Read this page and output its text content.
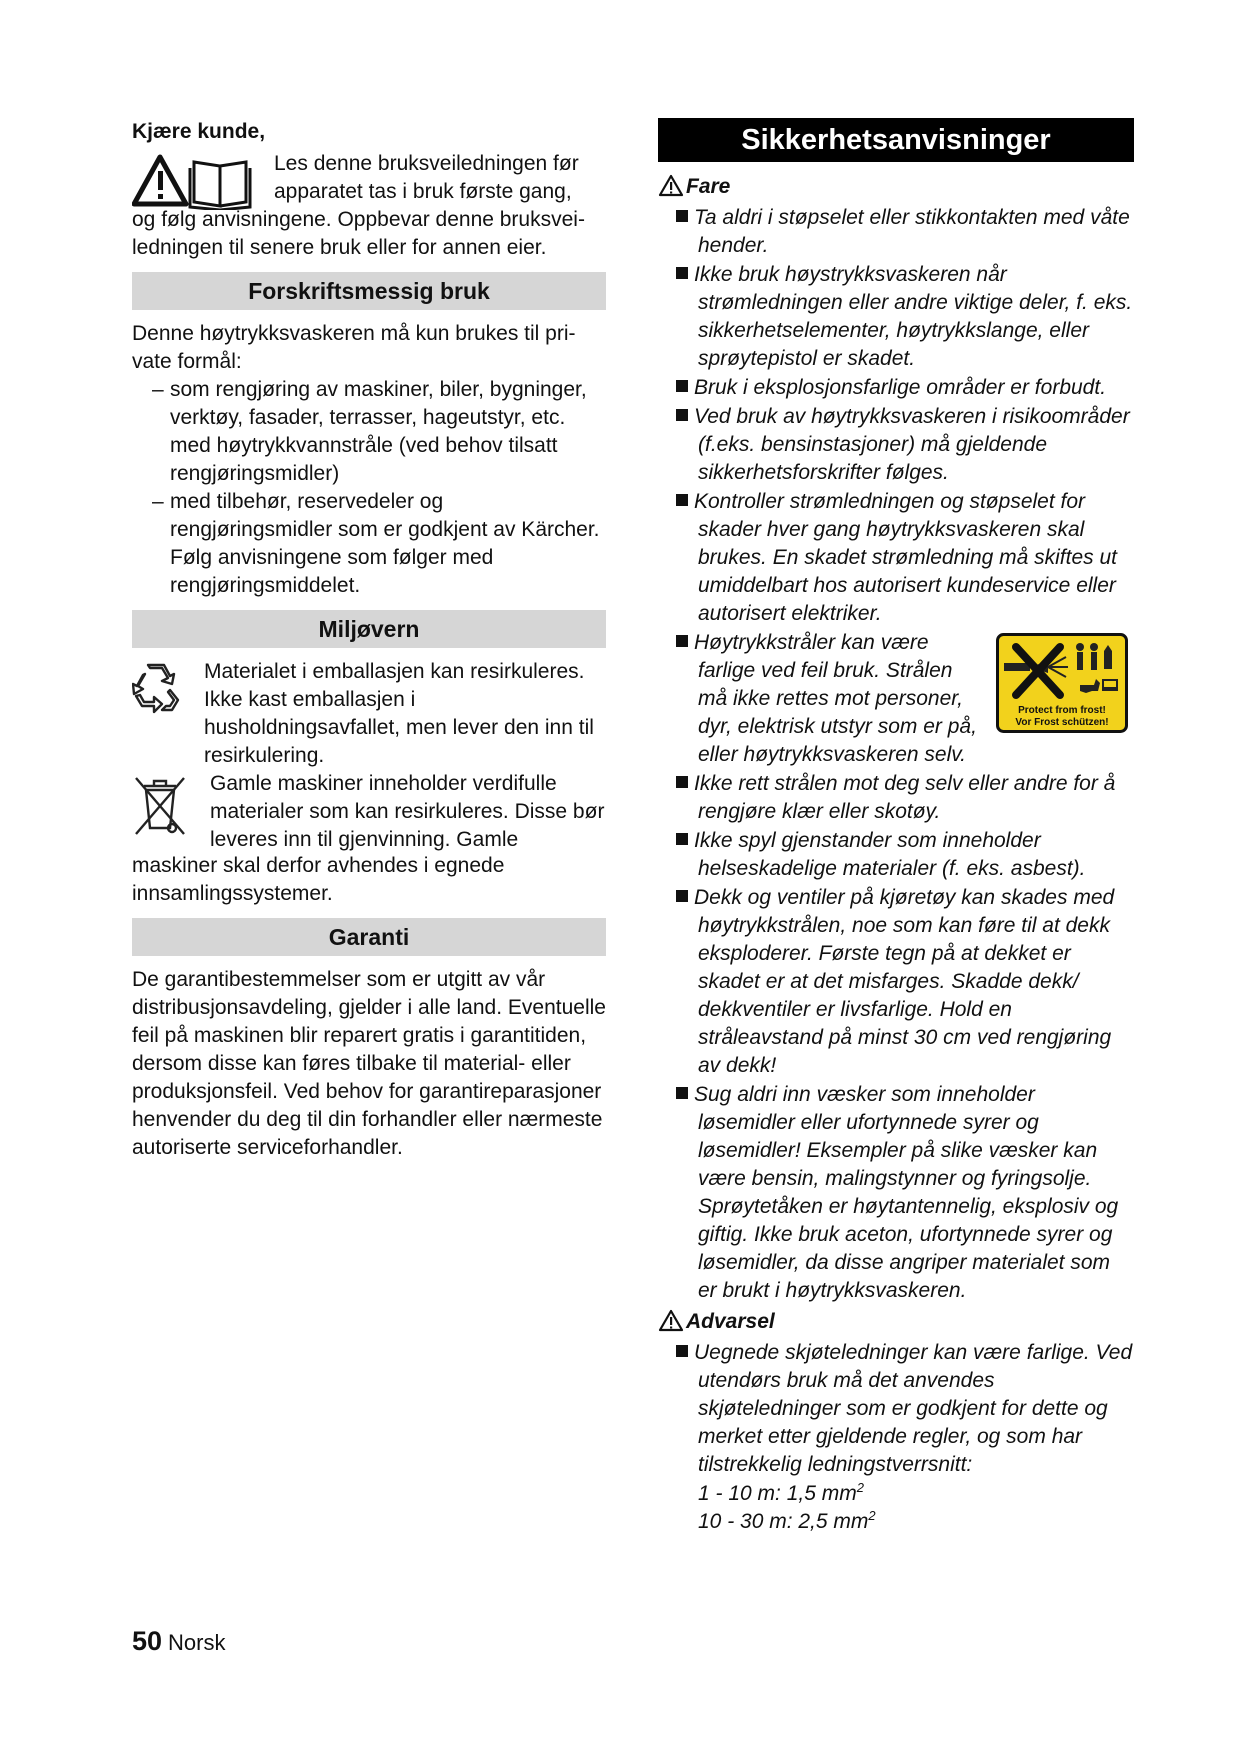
Kjære kunde,

Les denne bruksveiledningen før

apparatet tas i bruk første gang,

og følg anvisningene. Oppbevar denne bruksvei-

ledningen til senere bruk eller for annen eier.

Forskriftsmessig bruk

Denne høytrykksvaskeren må kun brukes til pri-vate formål:

– som rengjøring av maskiner, biler, bygninger, verktøy, fasader, terrasser, hageutstyr, etc. med høytrykkvannstråle (ved behov tilsatt rengjøringsmidler)

– med tilbehør, reservedeler og rengjøringsmidler som er godkjent av Kärcher. Følg anvisningene som følger med rengjøringsmiddelet.

Miljøvern

Materialet i emballasjen kan resirkuleres. Ikke kast emballasjen i husholdningsavfallet, men lever den inn til resirkulering.

Gamle maskiner inneholder verdifulle materialer som kan resirkuleres. Disse bør leveres inn til gjenvinning. Gamle

maskiner skal derfor avhendes i egnede innsamlingssystemer.

Garanti

De garantibestemmelser som er utgitt av vår distribusjonsavdeling, gjelder i alle land. Eventuelle feil på maskinen blir reparert gratis i garantitiden, dersom disse kan føres tilbake til material- eller produksjonsfeil. Ved behov for garantireparasjoner henvender du deg til din forhandler eller nærmeste autoriserte serviceforhandler.

Sikkerhetsanvisninger
Fare

Ta aldri i støpselet eller stikkontakten med våte hender.

Ikke bruk høystrykksvaskeren når strømledningen eller andre viktige deler, f. eks. sikkerhetselementer, høytrykkslange, eller sprøytepistol er skadet.

Bruk i eksplosjonsfarlige områder er forbudt.

Ved bruk av høytrykksvaskeren i risikoområder (f.eks. bensinstasjoner) må gjeldende sikkerhetsforskrifter følges.

Kontroller strømledningen og støpselet for skader hver gang høytrykksvaskeren skal brukes. En skadet strømledning må skiftes ut umiddelbart hos autorisert kundeservice eller autorisert elektriker.

Høytrykkstråler kan være farlige ved feil bruk. Strålen må ikke rettes mot personer, dyr, elektrisk utstyr som er på, eller høytrykksvaskeren selv.

Protect from frost!
Vor Frost schützen!

Ikke rett strålen mot deg selv eller andre for å rengjøre klær eller skotøy.

Ikke spyl gjenstander som inneholder helseskadelige materialer (f. eks. asbest).

Dekk og ventiler på kjøretøy kan skades med høytrykkstrålen, noe som kan føre til at dekk eksploderer. Første tegn på at dekket er skadet er at det misfarges. Skadde dekk/ dekkventiler er livsfarlige. Hold en stråleavstand på minst 30 cm ved rengjøring av dekk!

Sug aldri inn væsker som inneholder løsemidler eller ufortynnede syrer og løsemidler! Eksempler på slike væsker kan være bensin, malingstynner og fyringsolje. Sprøytetåken er høytantennelig, eksplosiv og giftig. Ikke bruk aceton, ufortynnede syrer og løsemidler, da disse angriper materialet som er brukt i høytrykksvaskeren.

Advarsel

Uegnede skjøteledninger kan være farlige. Ved utendørs bruk må det anvendes skjøteledninger som er godkjent for dette og merket etter gjeldende regler, og som har tilstrekkelig ledningstverrsnitt:

1 - 10 m: 1,5 $mm^2$

10 - 30 m: 2,5 $mm^2$

50 Norsk
